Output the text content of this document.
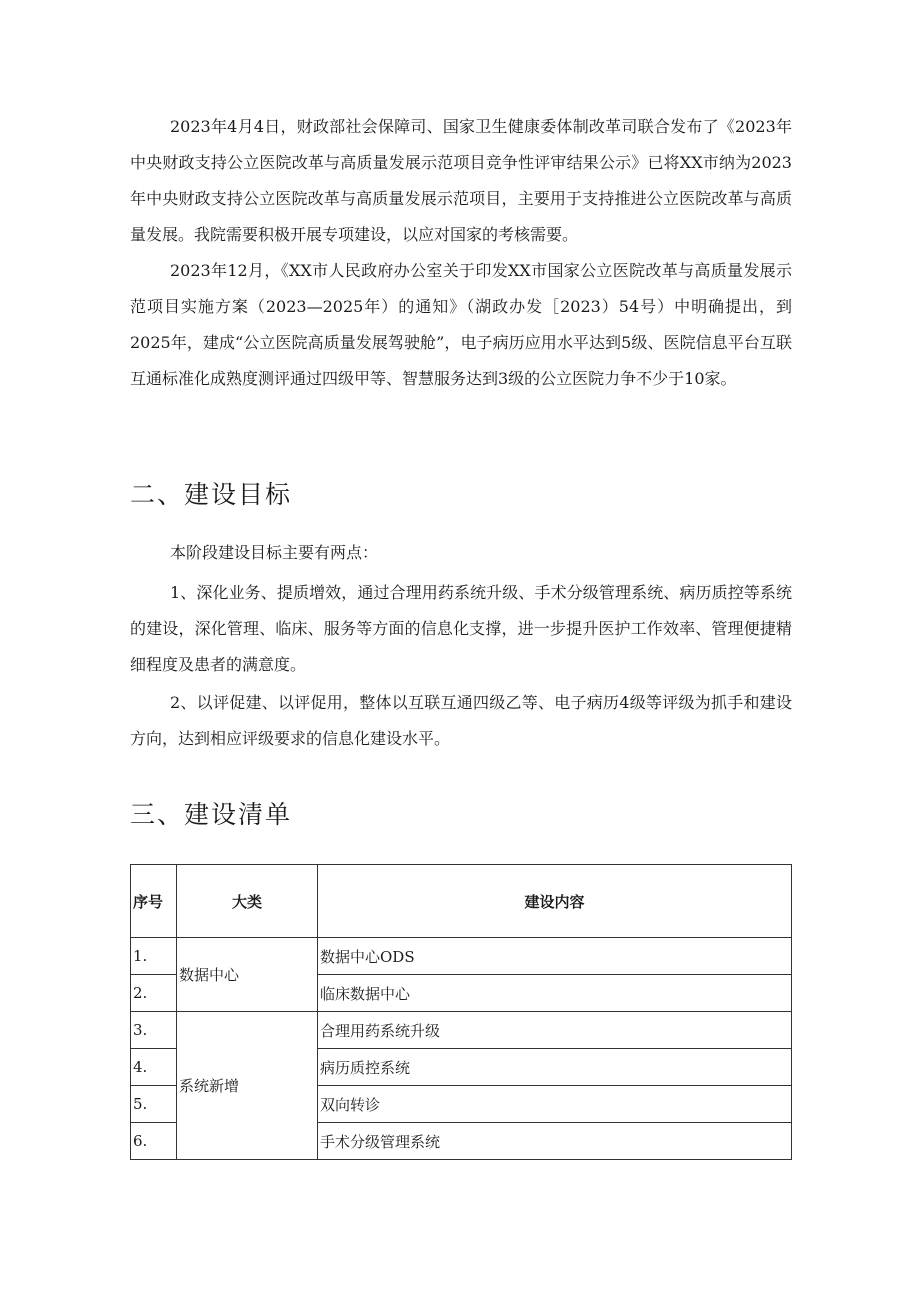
2023年4月4日，财政部社会保障司、国家卫生健康委体制改革司联合发布了《2023年中央财政支持公立医院改革与高质量发展示范项目竞争性评审结果公示》已将XX市纳为2023年中央财政支持公立医院改革与高质量发展示范项目，主要用于支持推进公立医院改革与高质量发展。我院需要积极开展专项建设，以应对国家的考核需要。

2023年12月，《XX市人民政府办公室关于印发XX市国家公立医院改革与高质量发展示范项目实施方案（2023—2025年）的通知》（湖政办发［2023）54号）中明确提出，到2025年，建成“公立医院高质量发展驾驶舱”，电子病历应用水平达到5级、医院信息平台互联互通标准化成熟度测评通过四级甲等、智慧服务达到3级的公立医院力争不少于10家。

二、建设目标

本阶段建设目标主要有两点：

1、深化业务、提质增效，通过合理用药系统升级、手术分级管理系统、病历质控等系统的建设，深化管理、临床、服务等方面的信息化支撑，进一步提升医护工作效率、管理便捷精细程度及患者的满意度。

2、以评促建、以评促用，整体以互联互通四级乙等、电子病历4级等评级为抓手和建设方向，达到相应评级要求的信息化建设水平。

三、建设清单
序号	大类	建设内容
1.	数据中心	数据中心ODS
2.		临床数据中心
3.	系统新增	合理用药系统升级
4.		病历质控系统
5.		双向转诊
6.		手术分级管理系统
